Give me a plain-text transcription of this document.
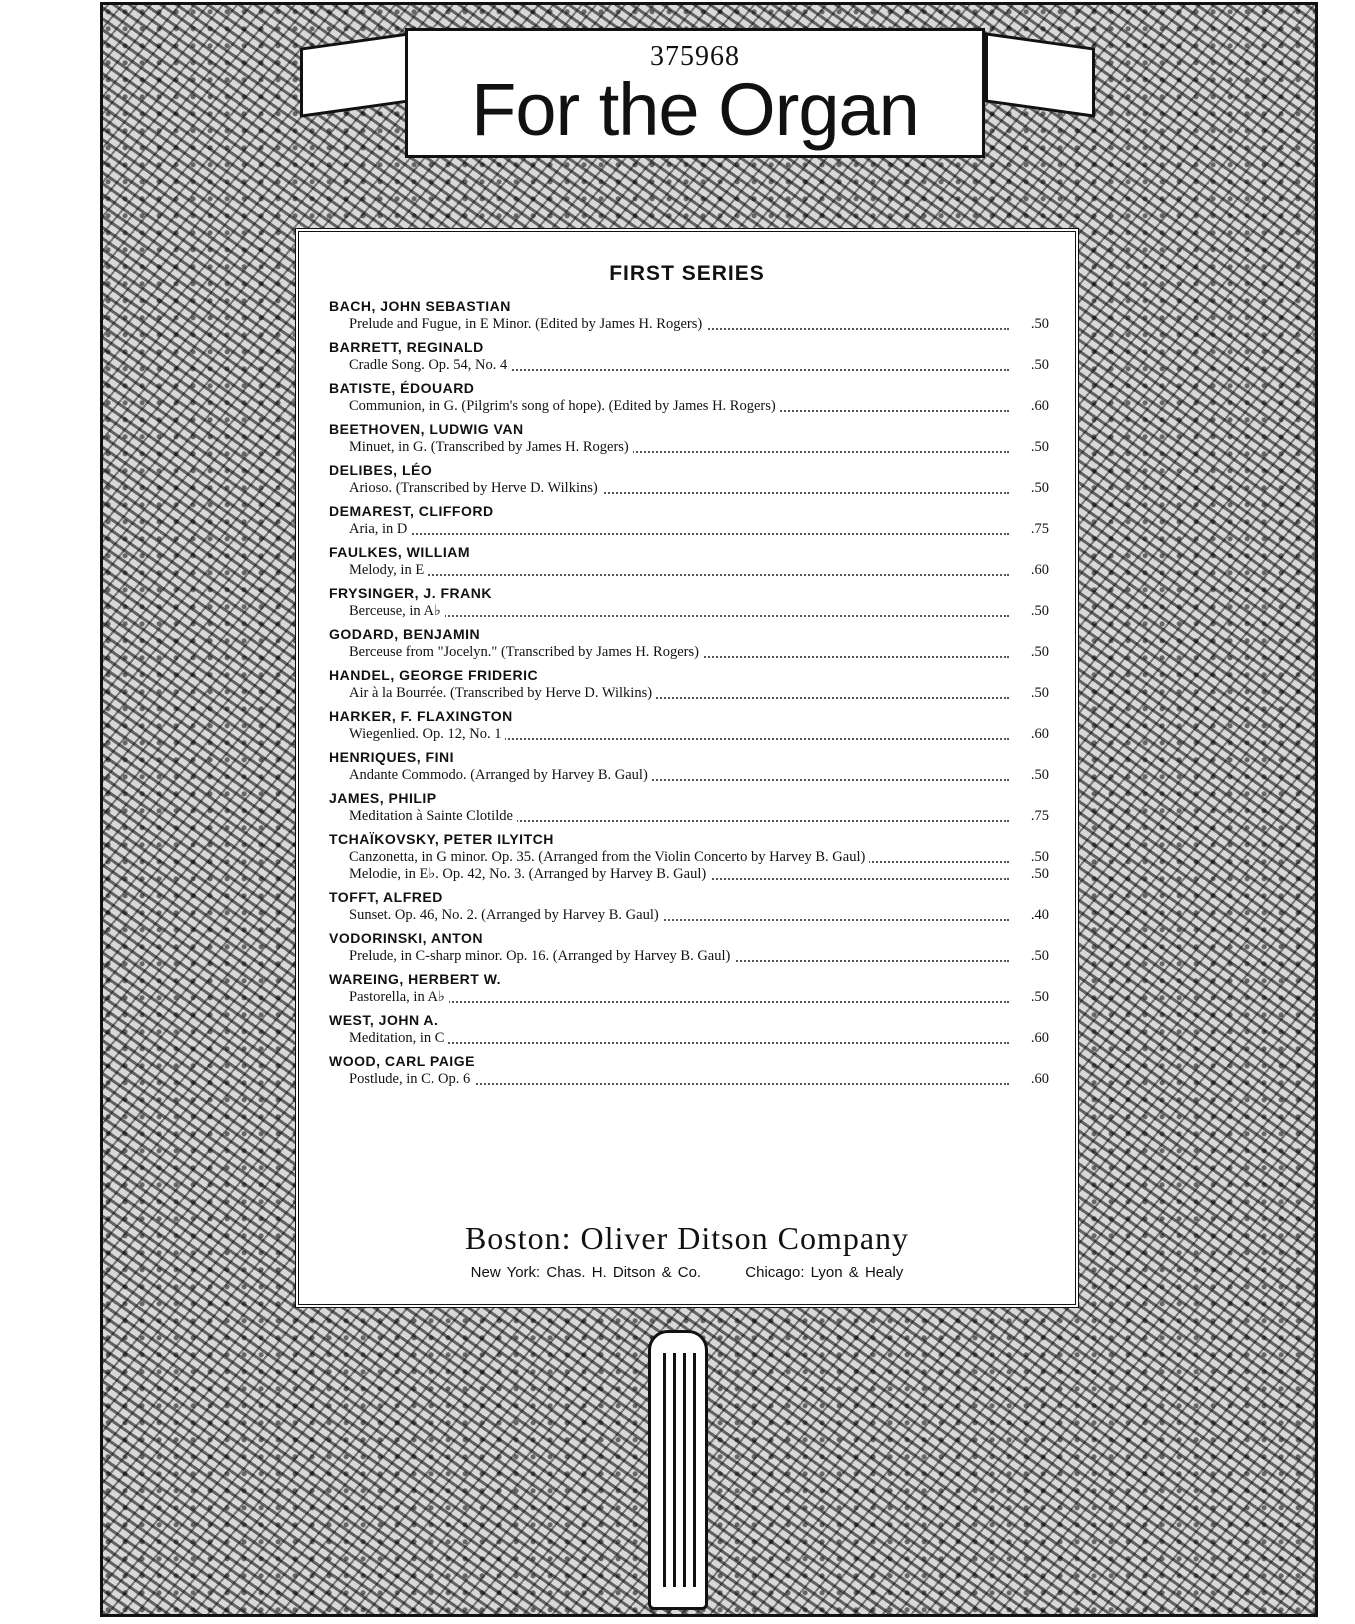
375968
For the Organ
FIRST SERIES
BACH, JOHN SEBASTIAN
Prelude and Fugue, in E Minor. (Edited by James H. Rogers)	.50
BARRETT, REGINALD
Cradle Song. Op. 54, No. 4	.50
BATISTE, ÉDOUARD
Communion, in G. (Pilgrim's song of hope). (Edited by James H. Rogers)	.60
BEETHOVEN, LUDWIG VAN
Minuet, in G. (Transcribed by James H. Rogers)	.50
DELIBES, LÉO
Arioso. (Transcribed by Herve D. Wilkins)	.50
DEMAREST, CLIFFORD
Aria, in D	.75
FAULKES, WILLIAM
Melody, in E	.60
FRYSINGER, J. FRANK
Berceuse, in A♭	.50
GODARD, BENJAMIN
Berceuse from "Jocelyn." (Transcribed by James H. Rogers)	.50
HANDEL, GEORGE FRIDERIC
Air à la Bourrée. (Transcribed by Herve D. Wilkins)	.50
HARKER, F. FLAXINGTON
Wiegenlied. Op. 12, No. 1	.60
HENRIQUES, FINI
Andante Commodo. (Arranged by Harvey B. Gaul)	.50
JAMES, PHILIP
Meditation à Sainte Clotilde	.75
TCHAÏKOVSKY, PETER ILYITCH
Canzonetta, in G minor. Op. 35. (Arranged from the Violin Concerto by Harvey B. Gaul)	.50
Melodie, in E♭. Op. 42, No. 3. (Arranged by Harvey B. Gaul)	.50
TOFFT, ALFRED
Sunset. Op. 46, No. 2. (Arranged by Harvey B. Gaul)	.40
VODORINSKI, ANTON
Prelude, in C-sharp minor. Op. 16. (Arranged by Harvey B. Gaul)	.50
WAREING, HERBERT W.
Pastorella, in A♭	.50
WEST, JOHN A.
Meditation, in C	.60
WOOD, CARL PAIGE
Postlude, in C. Op. 6	.60
Boston: Oliver Ditson Company
New York: Chas. H. Ditson & Co.	Chicago: Lyon & Healy
